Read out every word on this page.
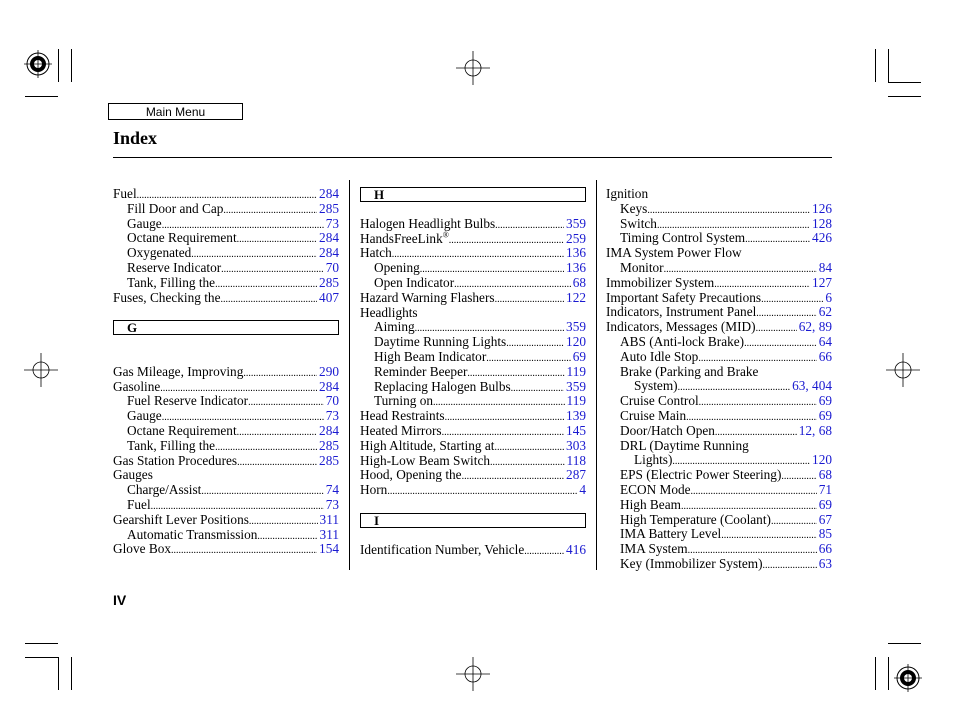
Main Menu
Index
Fuel .....	284
Fill Door and Cap .....	285
Gauge .....	73
Octane Requirement .....	284
Oxygenated .....	284
Reserve Indicator .....	70
Tank, Filling the .....	285
Fuses, Checking the .....	407
G
Gas Mileage, Improving .....	290
Gasoline .....	284
Fuel Reserve Indicator .....	70
Gauge .....	73
Octane Requirement .....	284
Tank, Filling the .....	285
Gas Station Procedures .....	285
Gauges
Charge/Assist .....	74
Fuel .....	73
Gearshift Lever Positions .....	311
Automatic Transmission .....	311
Glove Box .....	154
H
Halogen Headlight Bulbs .....	359
HandsFreeLink® .....	259
Hatch .....	136
Opening .....	136
Open Indicator .....	68
Hazard Warning Flashers .....	122
Headlights
Aiming .....	359
Daytime Running Lights .....	120
High Beam Indicator .....	69
Reminder Beeper .....	119
Replacing Halogen Bulbs .....	359
Turning on .....	119
Head Restraints .....	139
Heated Mirrors .....	145
High Altitude, Starting at .....	303
High-Low Beam Switch .....	118
Hood, Opening the .....	287
Horn .....	4
I
Identification Number, Vehicle .....	416
Ignition
Keys .....	126
Switch .....	128
Timing Control System .....	426
IMA System Power Flow
Monitor .....	84
Immobilizer System .....	127
Important Safety Precautions .....	6
Indicators, Instrument Panel .....	62
Indicators, Messages (MID) .....	62, 89
ABS (Anti-lock Brake) .....	64
Auto Idle Stop .....	66
Brake (Parking and Brake
System) .....	63, 404
Cruise Control .....	69
Cruise Main .....	69
Door/Hatch Open .....	12, 68
DRL (Daytime Running
Lights) .....	120
EPS (Electric Power Steering) .....	68
ECON Mode .....	71
High Beam .....	69
High Temperature (Coolant) .....	67
IMA Battery Level .....	85
IMA System .....	66
Key (Immobilizer System) .....	63
IV
